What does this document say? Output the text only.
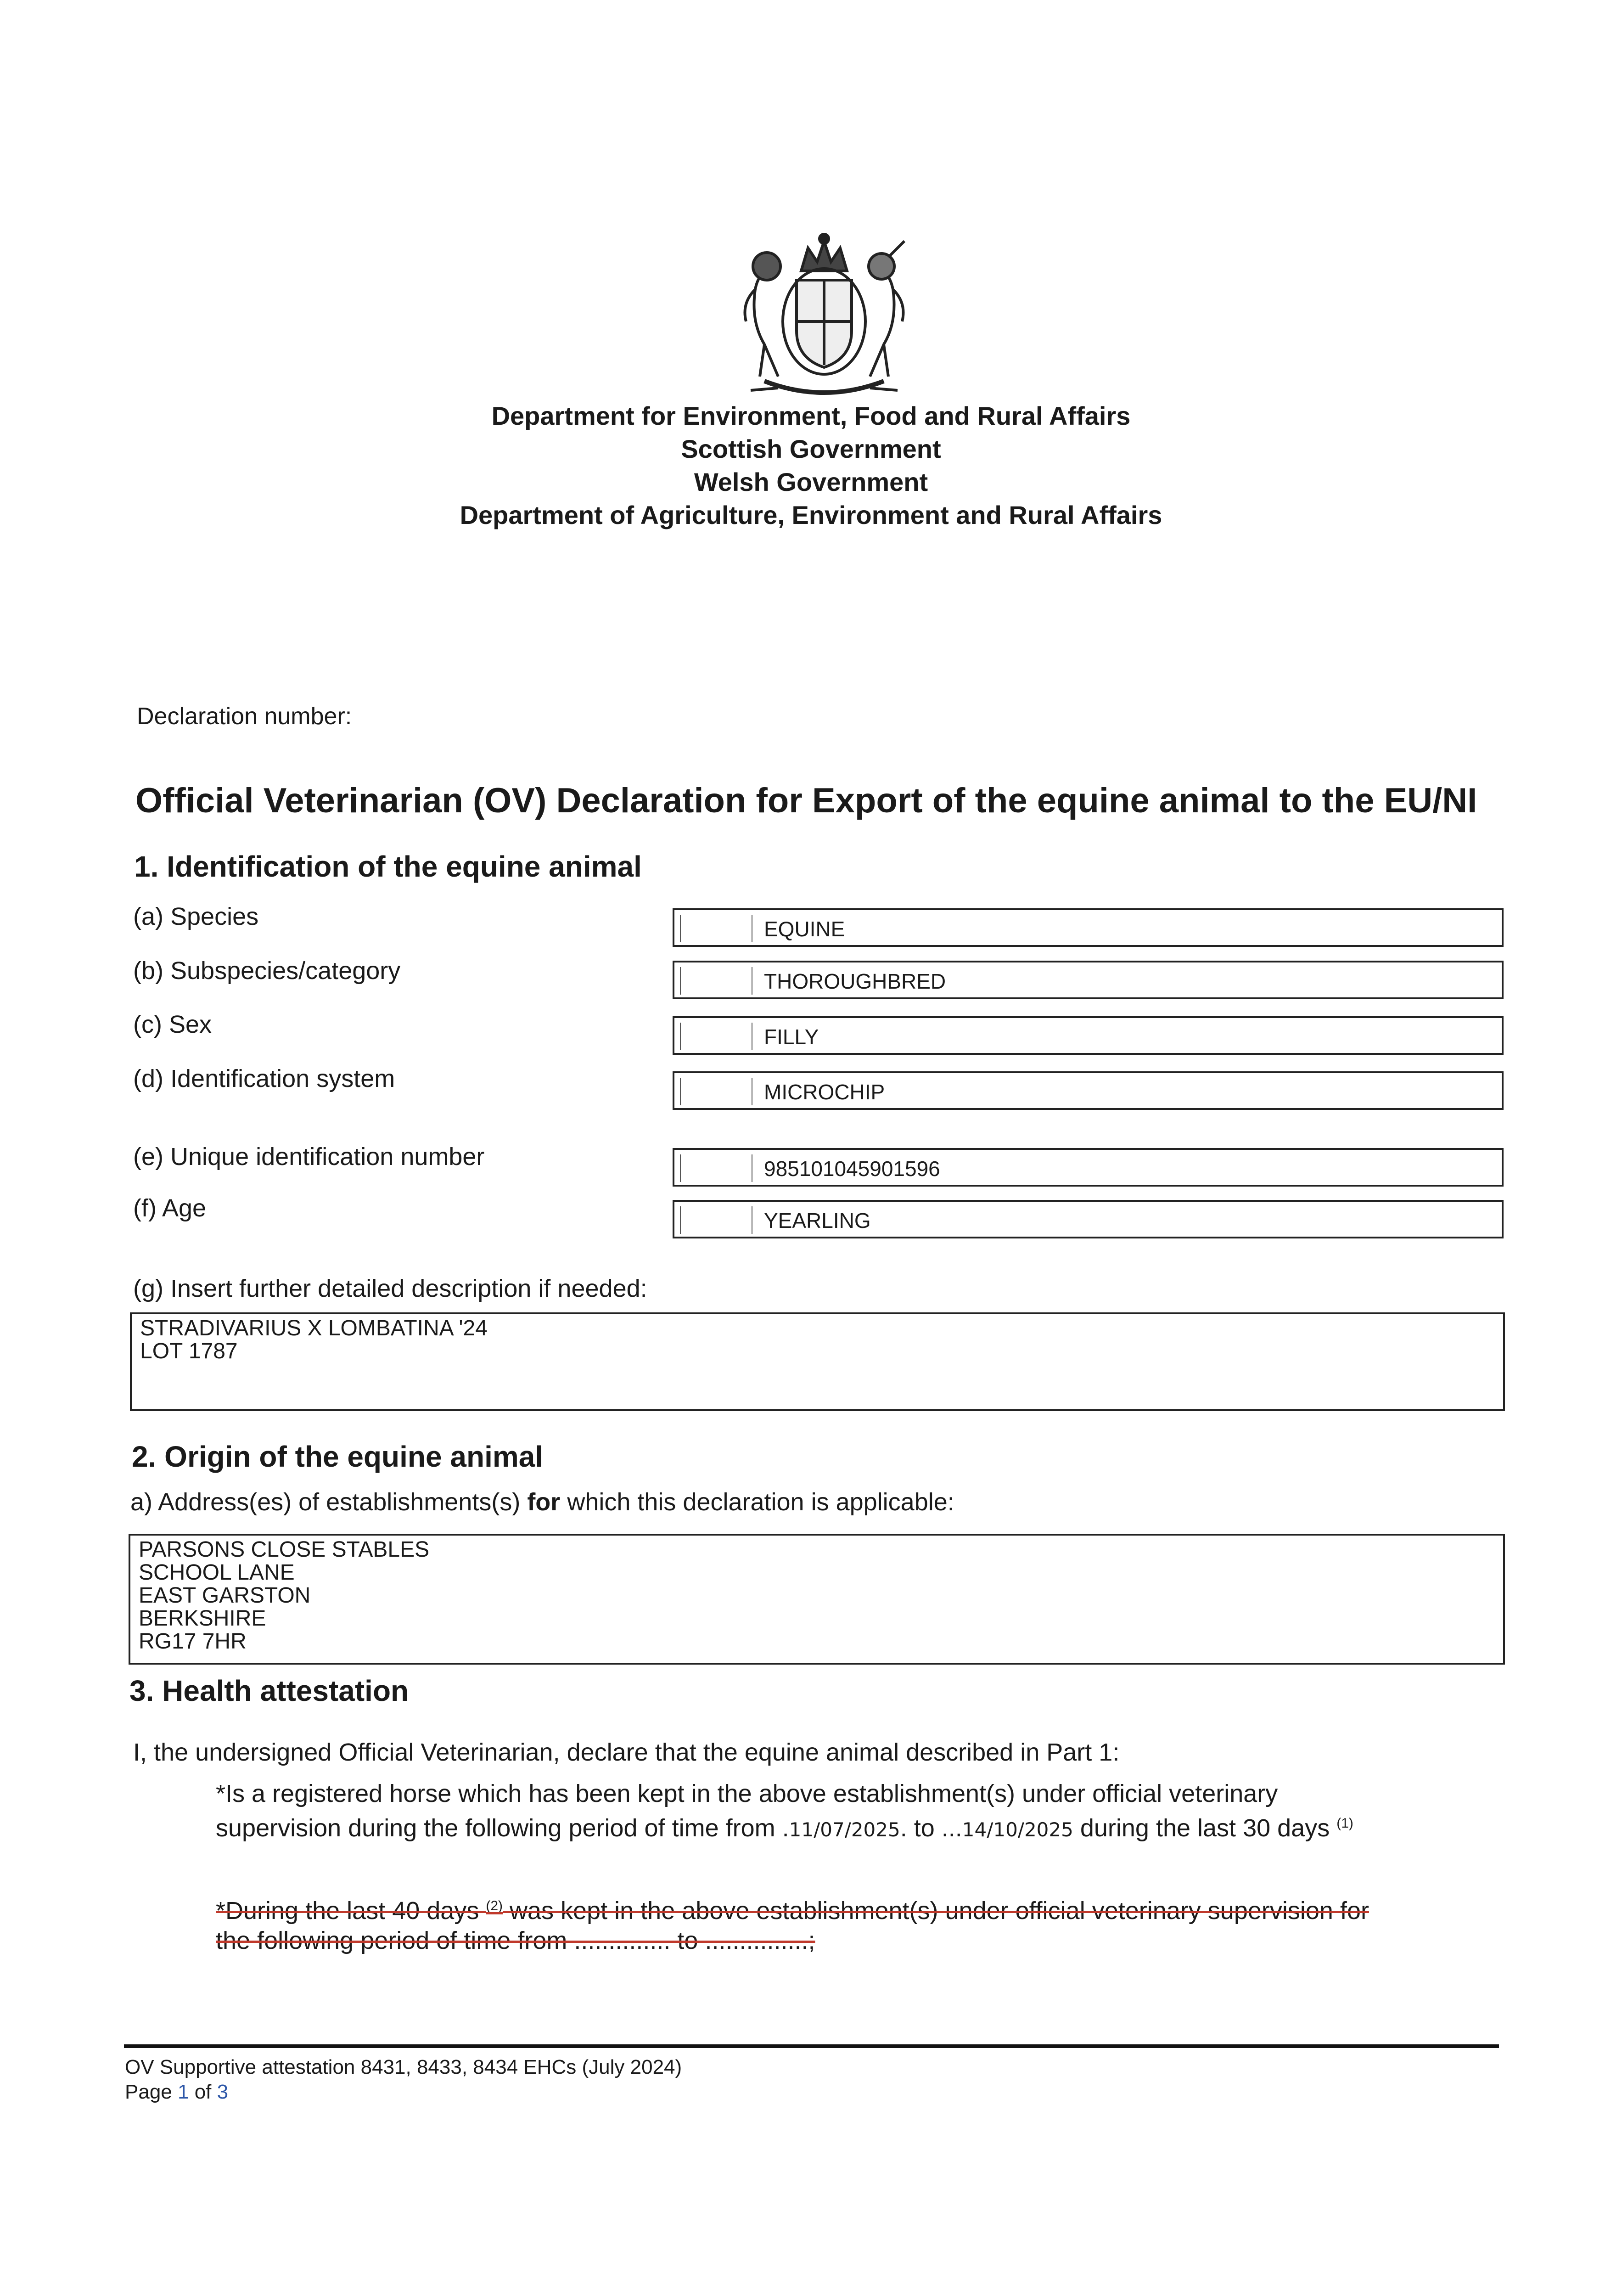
Department for Environment, Food and Rural Affairs
Scottish Government
Welsh Government
Department of Agriculture, Environment and Rural Affairs
Declaration number:
Official Veterinarian (OV) Declaration for Export of the equine animal to the EU/NI
1. Identification of the equine animal
(a) Species	EQUINE
(b) Subspecies/category	THOROUGHBRED
(c) Sex	FILLY
(d) Identification system	MICROCHIP
(e) Unique identification number	985101045901596
(f) Age	YEARLING
(g) Insert further detailed description if needed:
STRADIVARIUS X LOMBATINA '24
LOT 1787
2. Origin of the equine animal
a) Address(es) of establishments(s) for which this declaration is applicable:
PARSONS CLOSE STABLES
SCHOOL LANE
EAST GARSTON
BERKSHIRE
RG17 7HR
3. Health attestation
I, the undersigned Official Veterinarian, declare that the equine animal described in Part 1:
*Is a registered horse which has been kept in the above establishment(s) under official veterinary
supervision during the following period of time from .11/07/2025. to ...14/10/2025 during the last 30 days $^{(1)}$
*During the last 40 days $^{(2)}$ was kept in the above establishment(s) under official veterinary supervision for
the following period of time from .............. to ...............;
OV Supportive attestation 8431, 8433, 8434 EHCs (July 2024)
Page 1 of 3
